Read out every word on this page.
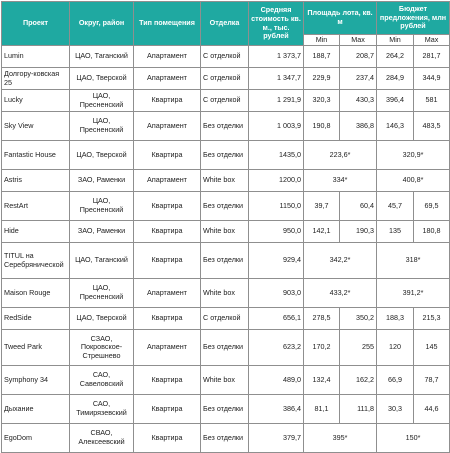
Проект	Округ, район	Тип помещения	Отделка	Средняя стоимость кв. м., тыс. рублей	Площадь лота, кв. м		Бюджет предложения, млн рублей	
					Min	Max	Min	Max
Lumin	ЦАО, Таганский	Апартамент	С отделкой	1 373,7	188,7	208,7	264,2	281,7
Долгору-ковская 25	ЦАО, Тверской	Апартамент	С отделкой	1 347,7	229,9	237,4	284,9	344,9
Lucky	ЦАО, Пресненский	Квартира	С отделкой	1 291,9	320,3	430,3	396,4	581
Sky View	ЦАО, Пресненский	Апартамент	Без отделки	1 003,9	190,8	386,8	146,3	483,5
Fantastic House	ЦАО, Тверской	Квартира	Без отделки	1435,0	223,6*		320,9*	
Astris	ЗАО, Раменки	Апартамент	White box	1200,0	334*		400,8*	
RestArt	ЦАО, Пресненский	Квартира	Без отделки	1150,0	39,7	60,4	45,7	69,5
Hide	ЗАО, Раменки	Квартира	White box	950,0	142,1	190,3	135	180,8
TITUL на Серебрянической	ЦАО, Таганский	Квартира	Без отделки	929,4	342,2*		318*	
Maison Rouge	ЦАО, Пресненский	Апартамент	White box	903,0	433,2*		391,2*	
RedSide	ЦАО, Тверской	Квартира	С отделкой	656,1	278,5	350,2	188,3	215,3
Tweed Park	СЗАО, Покровское-Стрешнево	Апартамент	Без отделки	623,2	170,2	255	120	145
Symphony 34	САО, Савеловский	Квартира	White box	489,0	132,4	162,2	66,9	78,7
Дыхание	САО, Тимирязевский	Квартира	Без отделки	386,4	81,1	111,8	30,3	44,6
EgoDom	СВАО, Алексеевский	Квартира	Без отделки	379,7	395*		150*	
